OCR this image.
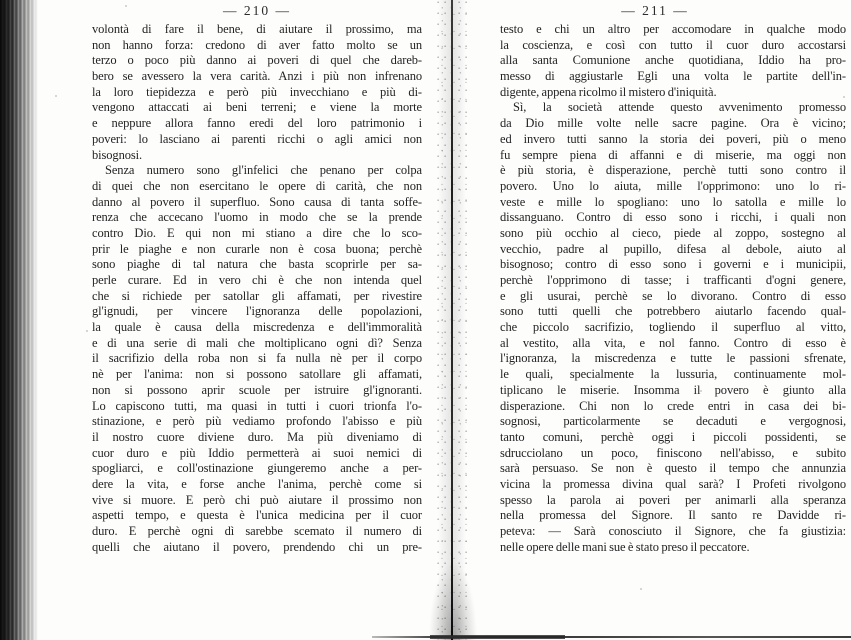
— 210 —
volontà di fare il bene, di aiutare il prossimo, ma
non hanno forza: credono di aver fatto molto se un
terzo o poco più danno ai poveri di quel che dareb-
bero se avessero la vera carità. Anzi i più non infrenano
la loro tiepidezza e però più invecchiano e più di-
vengono attaccati ai beni terreni; e viene la morte
e neppure allora fanno eredi del loro patrimonio i
poveri: lo lasciano ai parenti ricchi o agli amici non
bisognosi.
Senza numero sono gl'infelici che penano per colpa
di quei che non esercitano le opere di carità, che non
danno al povero il superfluo. Sono causa di tanta soffe-
renza che accecano l'uomo in modo che se la prende
contro Dio. E qui non mi stiano a dire che lo sco-
prir le piaghe e non curarle non è cosa buona; perchè
sono piaghe di tal natura che basta scoprirle per sa-
perle curare. Ed in vero chi è che non intenda quel
che si richiede per satollar gli affamati, per rivestire
gl'ignudi, per vincere l'ignoranza delle popolazioni,
la quale è causa della miscredenza e dell'immoralità
e di una serie di mali che moltiplicano ogni dì? Senza
il sacrifizio della roba non si fa nulla nè per il corpo
nè per l'anima: non si possono satollare gli affamati,
non si possono aprir scuole per istruire gl'ignoranti.
Lo capiscono tutti, ma quasi in tutti i cuori trionfa l'o-
stinazione, e però più vediamo profondo l'abisso e più
il nostro cuore diviene duro. Ma più diveniamo di
cuor duro e più Iddio permetterà ai suoi nemici di
spogliarci, e coll'ostinazione giungeremo anche a per-
dere la vita, e forse anche l'anima, perchè come si
vive si muore. E però chi può aiutare il prossimo non
aspetti tempo, e questa è l'unica medicina per il cuor
duro. E perchè ogni dì sarebbe scemato il numero di
quelli che aiutano il povero, prendendo chi un pre-
— 211 —
testo e chi un altro per accomodare in qualche modo
la coscienza, e così con tutto il cuor duro accostarsi
alla santa Comunione anche quotidiana, Iddio ha pro-
messo di aggiustarle Egli una volta le partite dell'in-
digente, appena ricolmo il mistero d'iniquità.
Sì, la società attende questo avvenimento promesso
da Dio mille volte nelle sacre pagine. Ora è vicino;
ed invero tutti sanno la storia dei poveri, più o meno
fu sempre piena di affanni e di miserie, ma oggi non
è più storia, è disperazione, perchè tutti sono contro il
povero. Uno lo aiuta, mille l'opprimono: uno lo ri-
veste e mille lo spogliano: uno lo satolla e mille lo
dissanguano. Contro di esso sono i ricchi, i quali non
sono più occhio al cieco, piede al zoppo, sostegno al
vecchio, padre al pupillo, difesa al debole, aiuto al
bisognoso; contro di esso sono i governi e i municipii,
perchè l'opprimono di tasse; i trafficanti d'ogni genere,
e gli usurai, perchè se lo divorano. Contro di esso
sono tutti quelli che potrebbero aiutarlo facendo qual-
che piccolo sacrifizio, togliendo il superfluo al vitto,
al vestito, alla vita, e nol fanno. Contro di esso è
l'ignoranza, la miscredenza e tutte le passioni sfrenate,
le quali, specialmente la lussuria, continuamente mol-
tiplicano le miserie. Insomma il povero è giunto alla
disperazione. Chi non lo crede entri in casa dei bi-
sognosi, particolarmente se decaduti e vergognosi,
tanto comuni, perchè oggi i piccoli possidenti, se
sdrucciolano un poco, finiscono nell'abisso, e subito
sarà persuaso. Se non è questo il tempo che annunzia
vicina la promessa divina qual sarà? I Profeti rivolgono
spesso la parola ai poveri per animarli alla speranza
nella promessa del Signore. Il santo re Davidde ri-
peteva: — Sarà conosciuto il Signore, che fa giustizia:
nelle opere delle mani sue è stato preso il peccatore.
